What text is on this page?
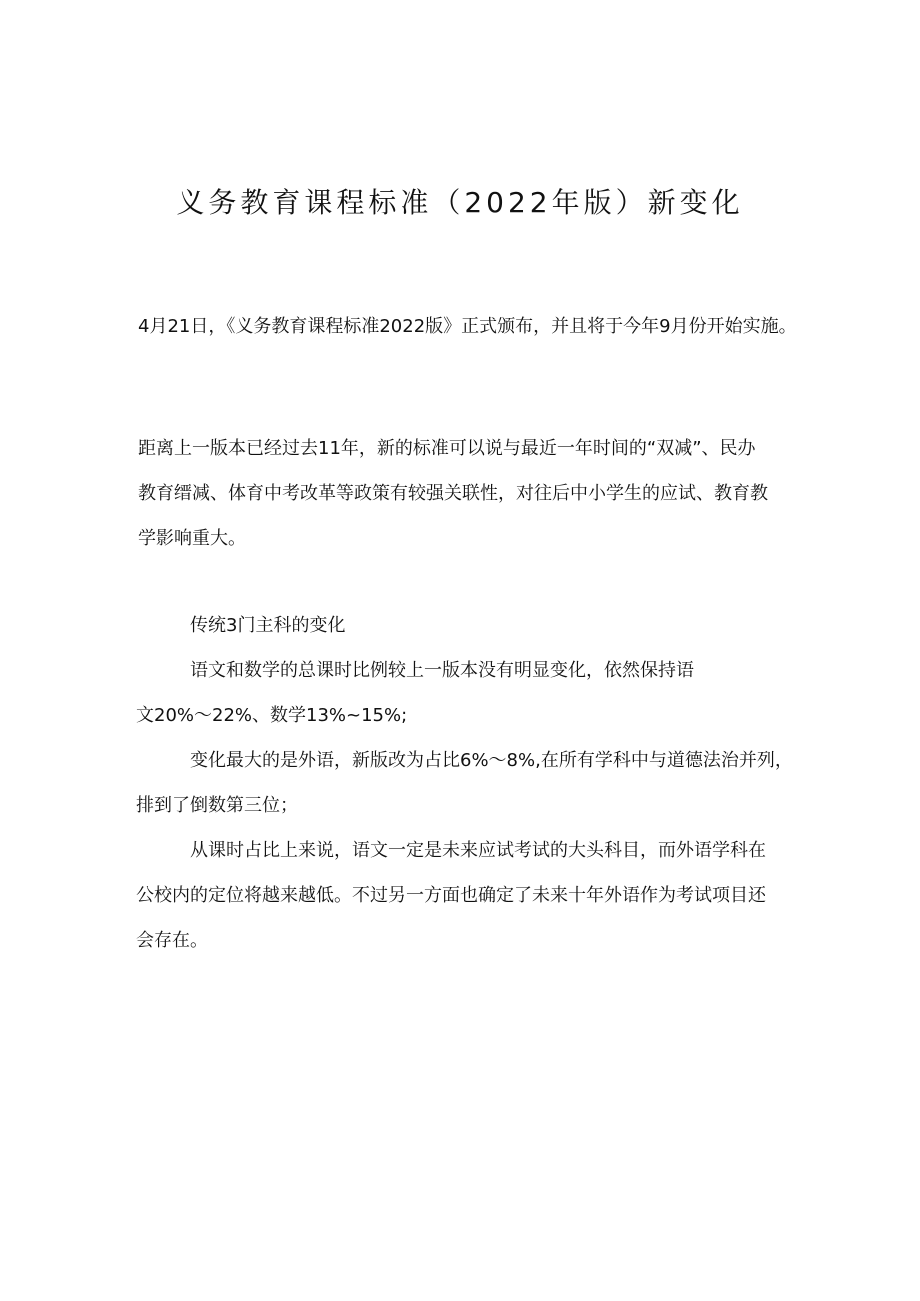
义务教育课程标准（2022年版）新变化

4月21日，《义务教育课程标准2022版》正式颁布，并且将于今年9月份开始实施。

距离上一版本已经过去11年，新的标准可以说与最近一年时间的“双减”、民办
教育缙减、体育中考改革等政策有较强关联性，对往后中小学生的应试、教育教
学影响重大。

传统3门主科的变化

语文和数学的总课时比例较上一版本没有明显变化，依然保持语
文20%〜22%、数学13%~15%;

变化最大的是外语，新版改为占比6%〜8%,在所有学科中与道德法治并列，
排到了倒数第三位；

从课时占比上来说，语文一定是未来应试考试的大头科目，而外语学科在
公校内的定位将越来越低。不过另一方面也确定了未来十年外语作为考试项目还
会存在。
